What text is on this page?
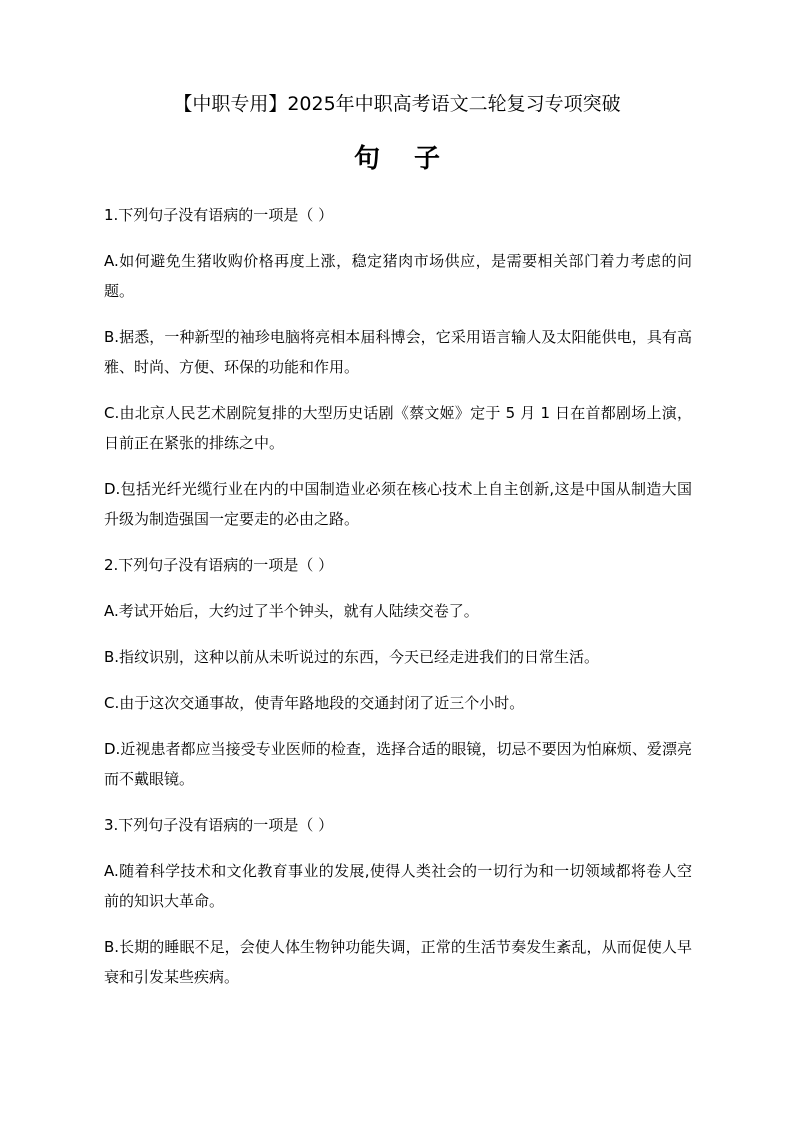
【中职专用】2025年中职高考语文二轮复习专项突破
句子

1.下列句子没有语病的一项是（ ）

A.如何避免生猪收购价格再度上涨，稳定猪肉市场供应，是需要相关部门着力考虑的问题。

B.据悉，一种新型的袖珍电脑将亮相本届科博会，它采用语言输人及太阳能供电，具有高雅、时尚、方便、环保的功能和作用。

C.由北京人民艺术剧院复排的大型历史话剧《蔡文姬》定于 5 月 1 日在首都剧场上演，日前正在紧张的排练之中。

D.包括光纤光缆行业在内的中国制造业必须在核心技术上自主创新,这是中国从制造大国升级为制造强国一定要走的必由之路。

2.下列句子没有语病的一项是（ ）

A.考试开始后，大约过了半个钟头，就有人陆续交卷了。

B.指纹识别，这种以前从未听说过的东西，今天已经走进我们的日常生活。

C.由于这次交通事故，使青年路地段的交通封闭了近三个小时。

D.近视患者都应当接受专业医师的检查，选择合适的眼镜，切忌不要因为怕麻烦、爱漂亮而不戴眼镜。

3.下列句子没有语病的一项是（ ）

A.随着科学技术和文化教育事业的发展,使得人类社会的一切行为和一切领域都将卷人空前的知识大革命。

B.长期的睡眠不足，会使人体生物钟功能失调，正常的生活节奏发生紊乱，从而促使人早衰和引发某些疾病。
